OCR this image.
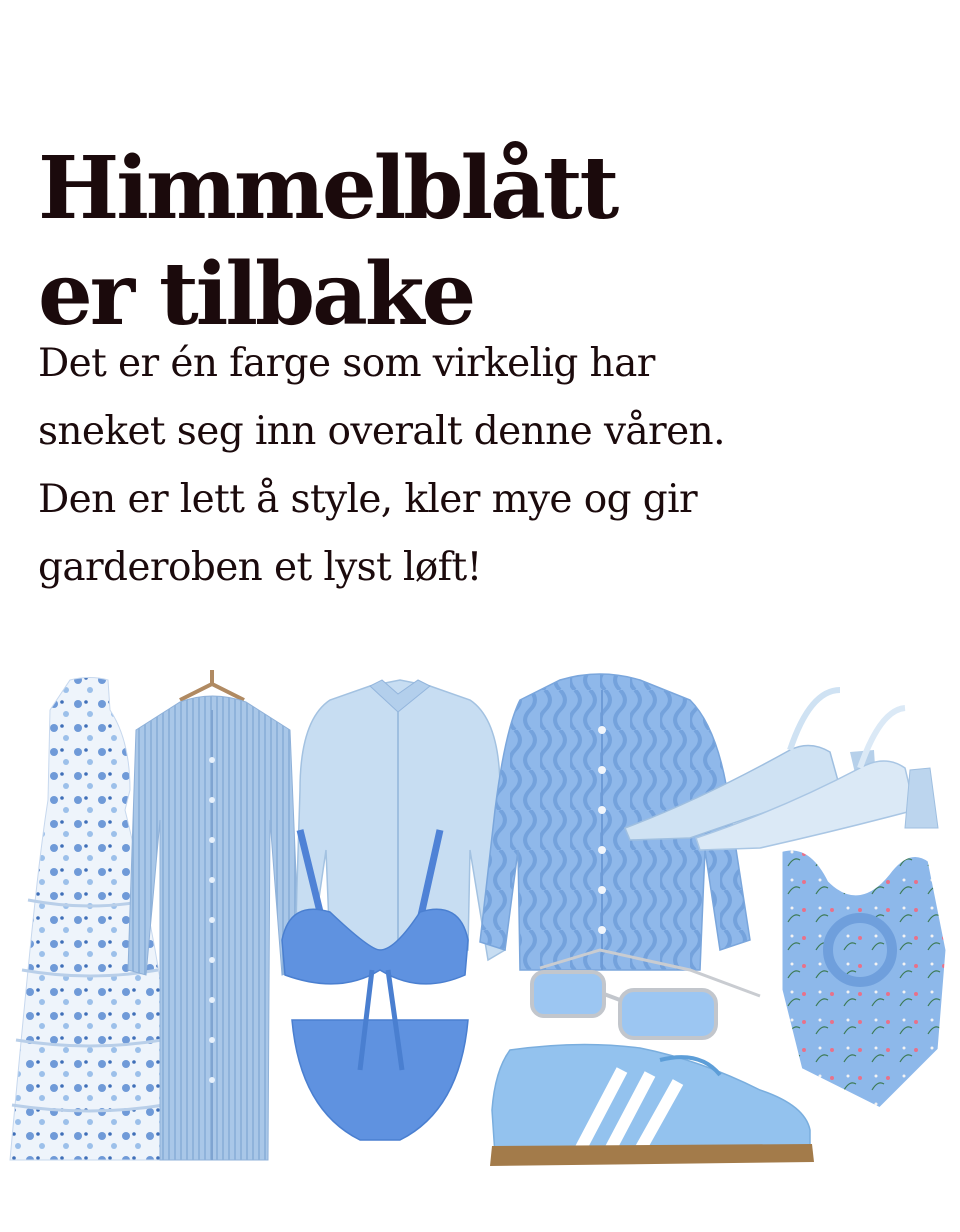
Himmelblått
er tilbake
Det er én farge som virkelig har
sneket seg inn overalt denne våren.
Den er lett å style, kler mye og gir
garderoben et lyst løft!
